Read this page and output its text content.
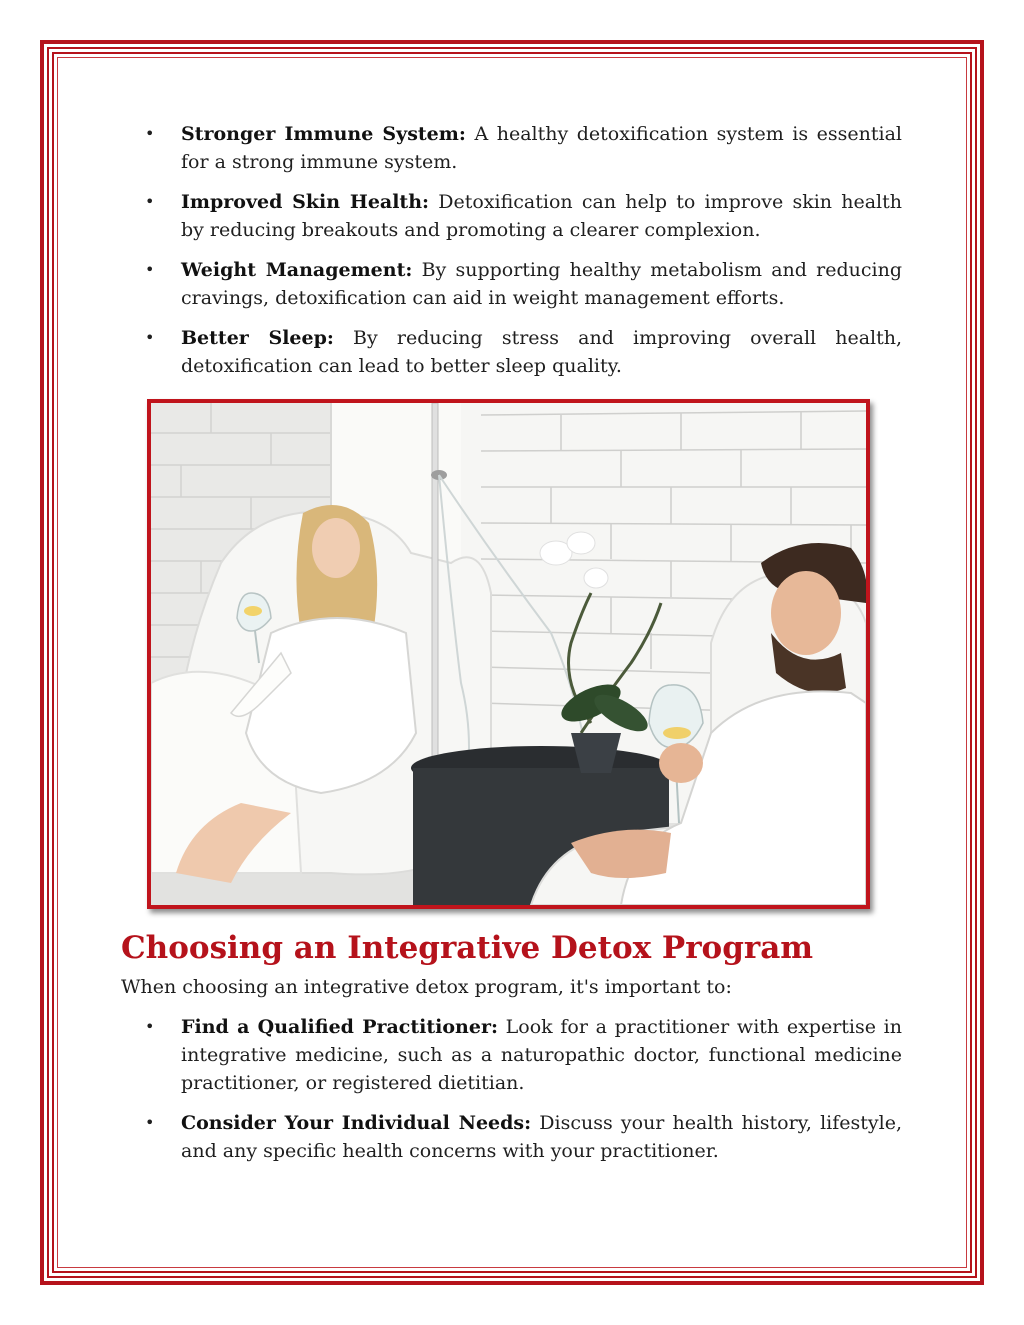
• Stronger Immune System: A healthy detoxification system is essential for a strong immune system.
• Improved Skin Health: Detoxification can help to improve skin health by reducing breakouts and promoting a clearer complexion.
• Weight Management: By supporting healthy metabolism and reducing cravings, detoxification can aid in weight management efforts.
• Better Sleep: By reducing stress and improving overall health, detoxification can lead to better sleep quality.
Choosing an Integrative Detox Program

When choosing an integrative detox program, it's important to:

• Find a Qualified Practitioner: Look for a practitioner with expertise in integrative medicine, such as a naturopathic doctor, functional medicine practitioner, or registered dietitian.
• Consider Your Individual Needs: Discuss your health history, lifestyle, and any specific health concerns with your practitioner.
